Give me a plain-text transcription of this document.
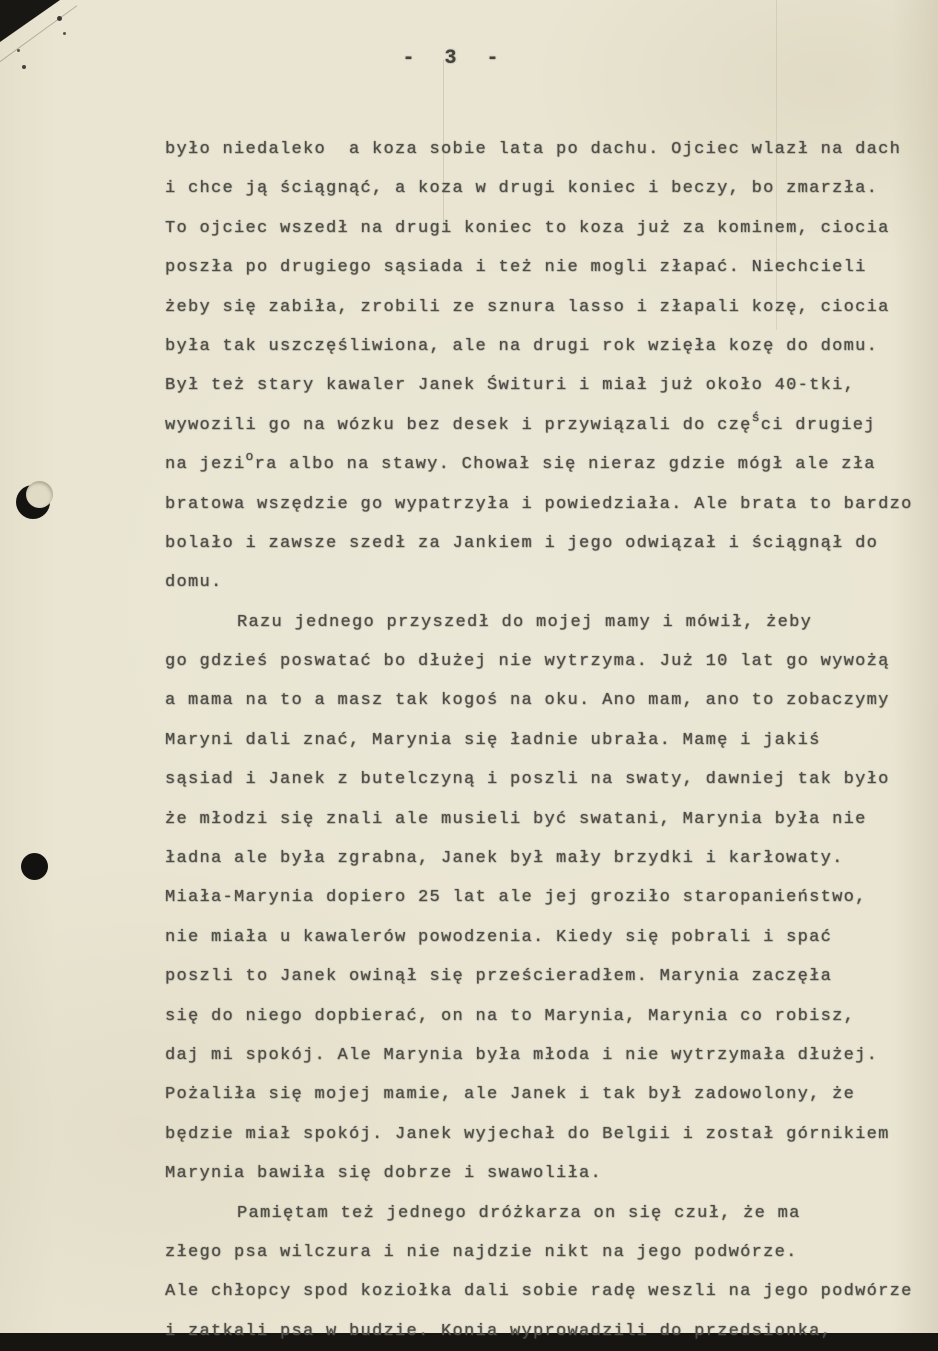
- 3 -
było niedaleko  a koza sobie lata po dachu. Ojciec wlazł na dach
i chce ją ściągnąć, a koza w drugi koniec i beczy, bo zmarzła.
To ojciec wszedł na drugi koniec to koza już za kominem, ciocia
poszła po drugiego sąsiada i też nie mogli złapać. Niechcieli
żeby się zabiła, zrobili ze sznura lasso i złapali kozę, ciocia
była tak uszczęśliwiona, ale na drugi rok wzięła kozę do domu.
Był też stary kawaler Janek Świturi i miał już około 40-tki,
wywozili go na wózku bez desek i przywiązali do czę$^ś$ci drugiej
na jezi$^o$ra albo na stawy. Chował się nieraz gdzie mógł ale zła
bratowa wszędzie go wypatrzyła i powiedziała. Ale brata to bardzo
bolało i zawsze szedł za Jankiem i jego odwiązał i ściągnął do
domu.
Razu jednego przyszedł do mojej mamy i mówił, żeby
go gdzieś poswatać bo dłużej nie wytrzyma. Już 10 lat go wywożą
a mama na to a masz tak kogoś na oku. Ano mam, ano to zobaczymy
Maryni dali znać, Marynia się ładnie ubrała. Mamę i jakiś
sąsiad i Janek z butelczyną i poszli na swaty, dawniej tak było
że młodzi się znali ale musieli być swatani, Marynia była nie
ładna ale była zgrabna, Janek był mały brzydki i karłowaty.
Miała-Marynia dopiero 25 lat ale jej groziło staropanieństwo,
nie miała u kawalerów powodzenia. Kiedy się pobrali i spać
poszli to Janek owinął się prześcieradłem. Marynia zaczęła
się do niego dopbierać, on na to Marynia, Marynia co robisz,
daj mi spokój. Ale Marynia była młoda i nie wytrzymała dłużej.
Pożaliła się mojej mamie, ale Janek i tak był zadowolony, że
będzie miał spokój. Janek wyjechał do Belgii i został górnikiem
Marynia bawiła się dobrze i swawoliła.
Pamiętam też jednego dróżkarza on się czuł, że ma
złego psa wilczura i nie najdzie nikt na jego podwórze.
Ale chłopcy spod koziołka dali sobie radę weszli na jego podwórze
i zatkali psa w budzie. Konia wyprowadzili do przedsionka,
